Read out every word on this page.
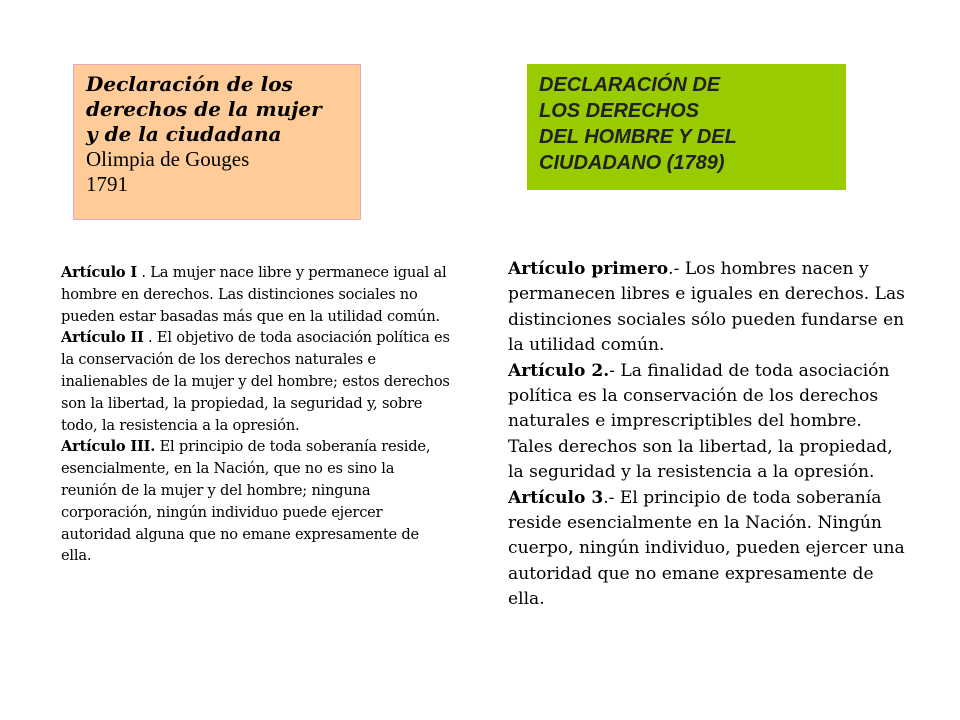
Declaración de los
derechos de la mujer
y de la ciudadana
Olimpia de Gouges
1791
DECLARACIÓN DE
LOS DERECHOS
DEL HOMBRE Y DEL
CIUDADANO (1789)
Artículo I . La mujer nace libre y permanece igual al hombre en derechos. Las distinciones sociales no pueden estar basadas más que en la utilidad común.
Artículo II . El objetivo de toda asociación política es la conservación de los derechos naturales e inalienables de la mujer y del hombre; estos derechos son la libertad, la propiedad, la seguridad y, sobre todo, la resistencia a la opresión.
Artículo III. El principio de toda soberanía reside, esencialmente, en la Nación, que no es sino la reunión de la mujer y del hombre; ninguna corporación, ningún individuo puede ejercer autoridad alguna que no emane expresamente de ella.
Artículo primero.- Los hombres nacen y permanecen libres e iguales en derechos. Las distinciones sociales sólo pueden fundarse en la utilidad común.
Artículo 2.- La finalidad de toda asociación política es la conservación de los derechos naturales e imprescriptibles del hombre. Tales derechos son la libertad, la propiedad, la seguridad y la resistencia a la opresión.
Artículo 3.- El principio de toda soberanía reside esencialmente en la Nación. Ningún cuerpo, ningún individuo, pueden ejercer una autoridad que no emane expresamente de ella.
